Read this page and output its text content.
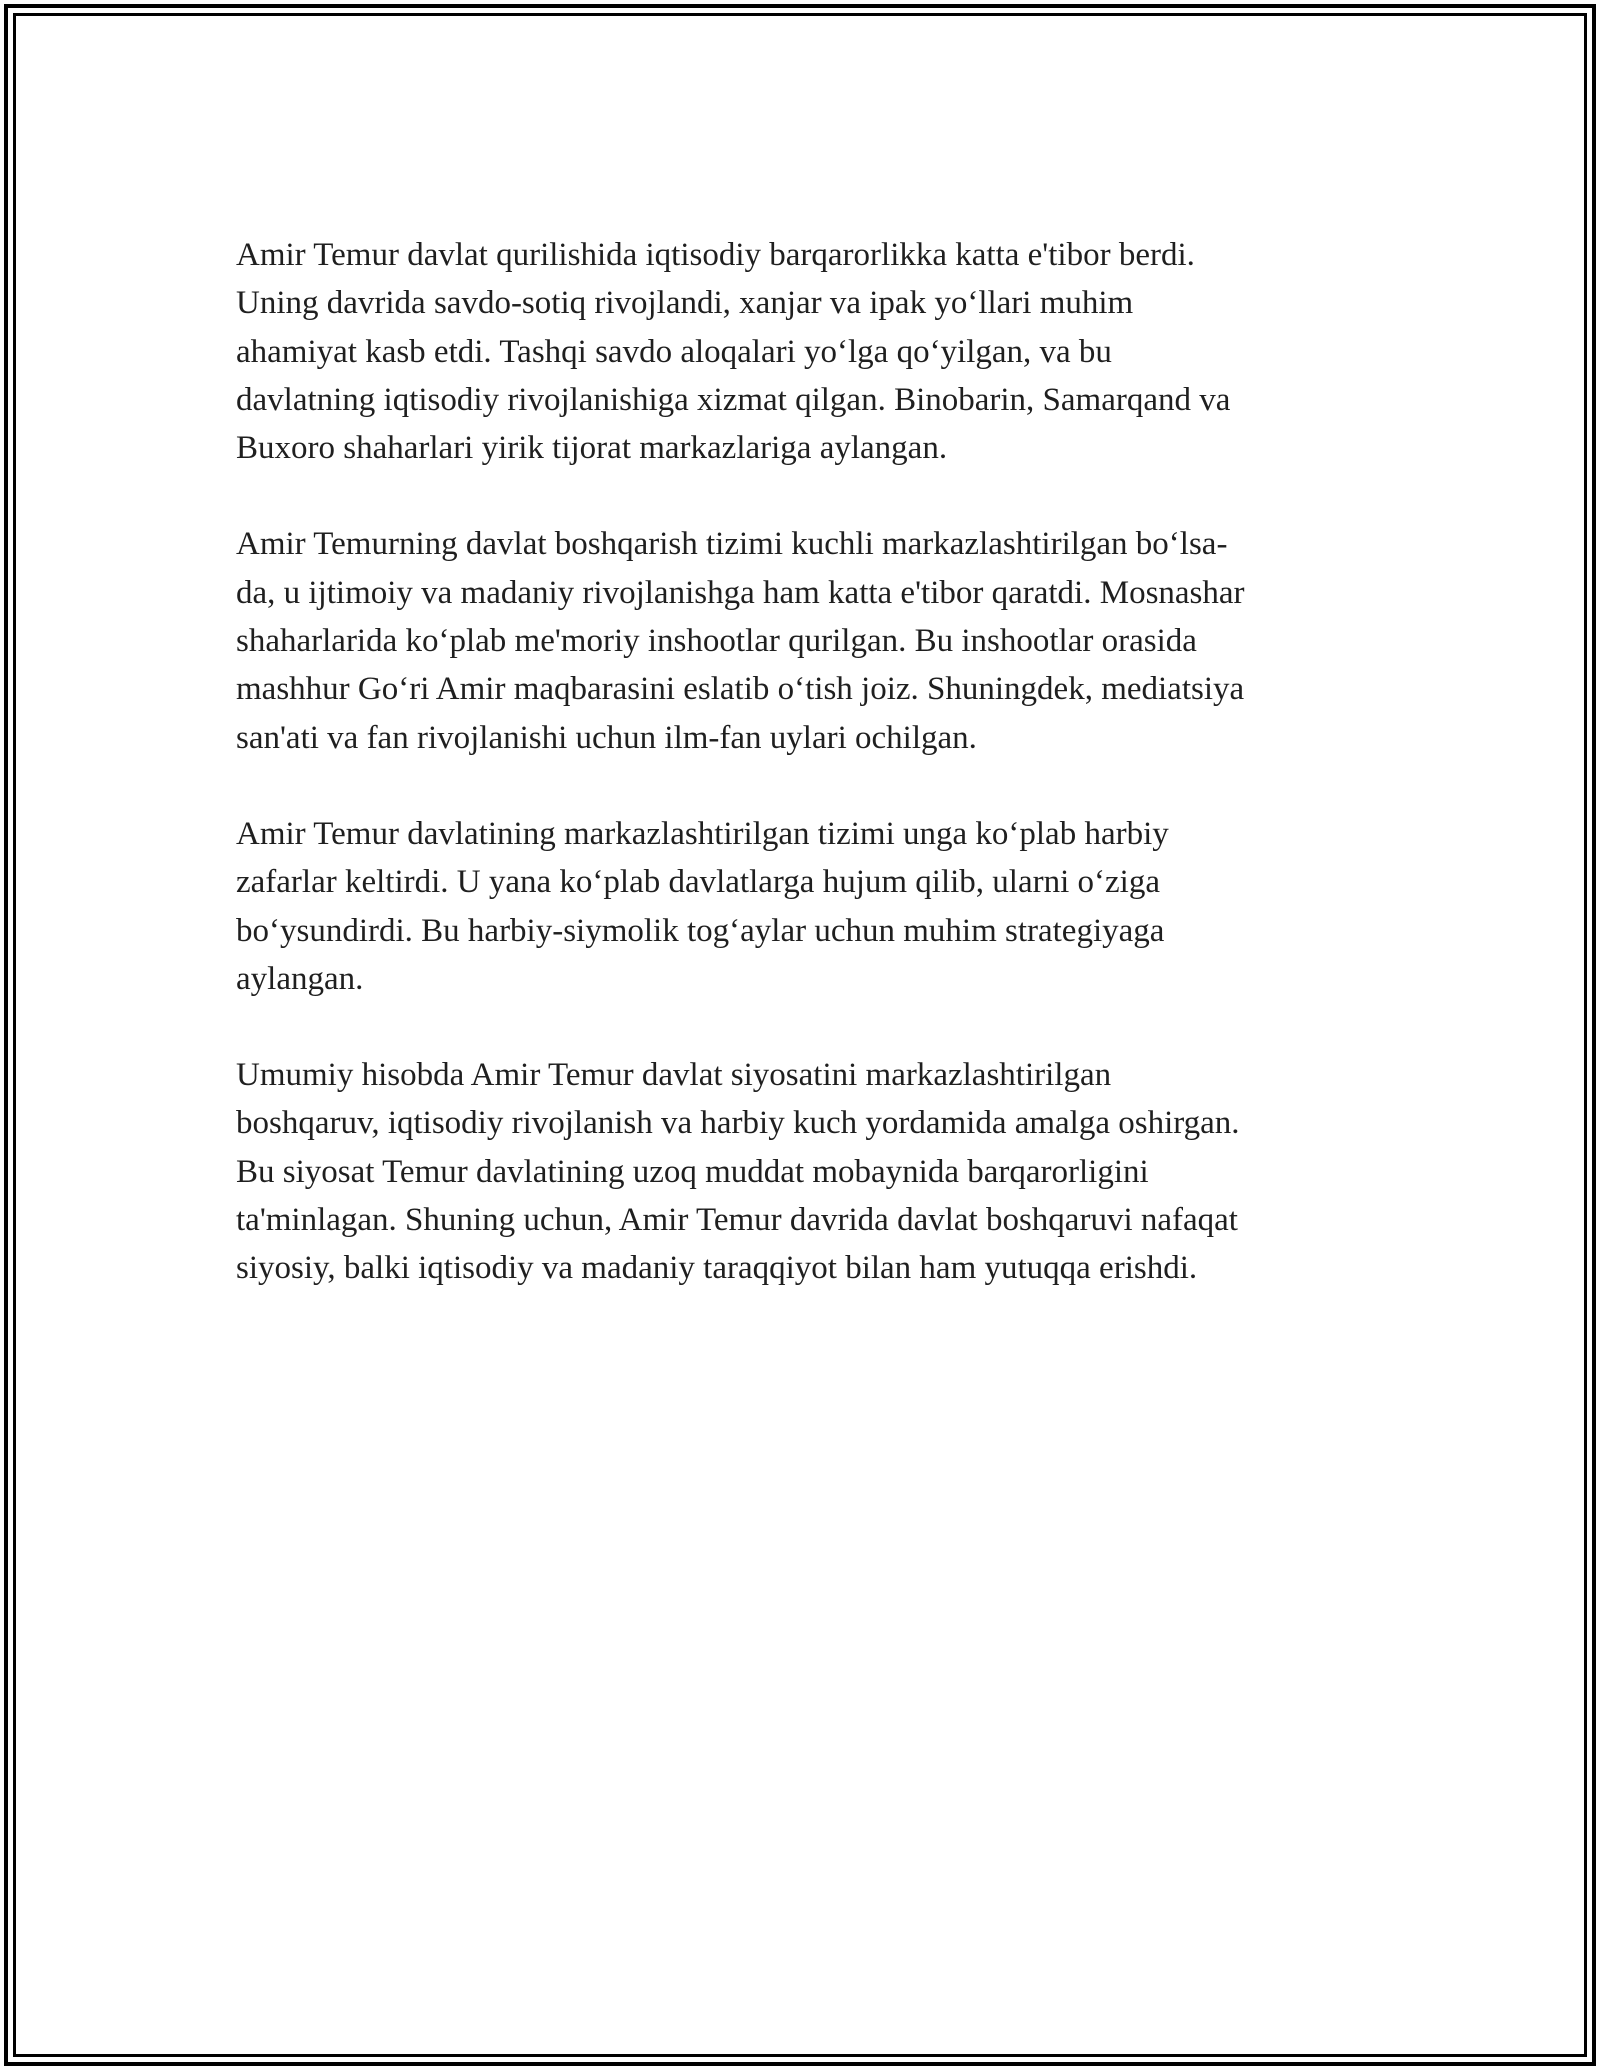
Amir Temur davlat qurilishida iqtisodiy barqarorlikka katta e'tibor berdi.
Uning davrida savdo-sotiq rivojlandi, xanjar va ipak yo‘llari muhim
ahamiyat kasb etdi. Tashqi savdo aloqalari yo‘lga qo‘yilgan, va bu
davlatning iqtisodiy rivojlanishiga xizmat qilgan. Binobarin, Samarqand va
Buxoro shaharlari yirik tijorat markazlariga aylangan.

Amir Temurning davlat boshqarish tizimi kuchli markazlashtirilgan bo‘lsa-
da, u ijtimoiy va madaniy rivojlanishga ham katta e'tibor qaratdi. Mosnashar
shaharlarida ko‘plab me'moriy inshootlar qurilgan. Bu inshootlar orasida
mashhur Go‘ri Amir maqbarasini eslatib o‘tish joiz. Shuningdek, mediatsiya
san'ati va fan rivojlanishi uchun ilm-fan uylari ochilgan.

Amir Temur davlatining markazlashtirilgan tizimi unga ko‘plab harbiy
zafarlar keltirdi. U yana ko‘plab davlatlarga hujum qilib, ularni o‘ziga
bo‘ysundirdi. Bu harbiy-siymolik tog‘aylar uchun muhim strategiyaga
aylangan.

Umumiy hisobda Amir Temur davlat siyosatini markazlashtirilgan
boshqaruv, iqtisodiy rivojlanish va harbiy kuch yordamida amalga oshirgan.
Bu siyosat Temur davlatining uzoq muddat mobaynida barqarorligini
ta'minlagan. Shuning uchun, Amir Temur davrida davlat boshqaruvi nafaqat
siyosiy, balki iqtisodiy va madaniy taraqqiyot bilan ham yutuqqa erishdi.
